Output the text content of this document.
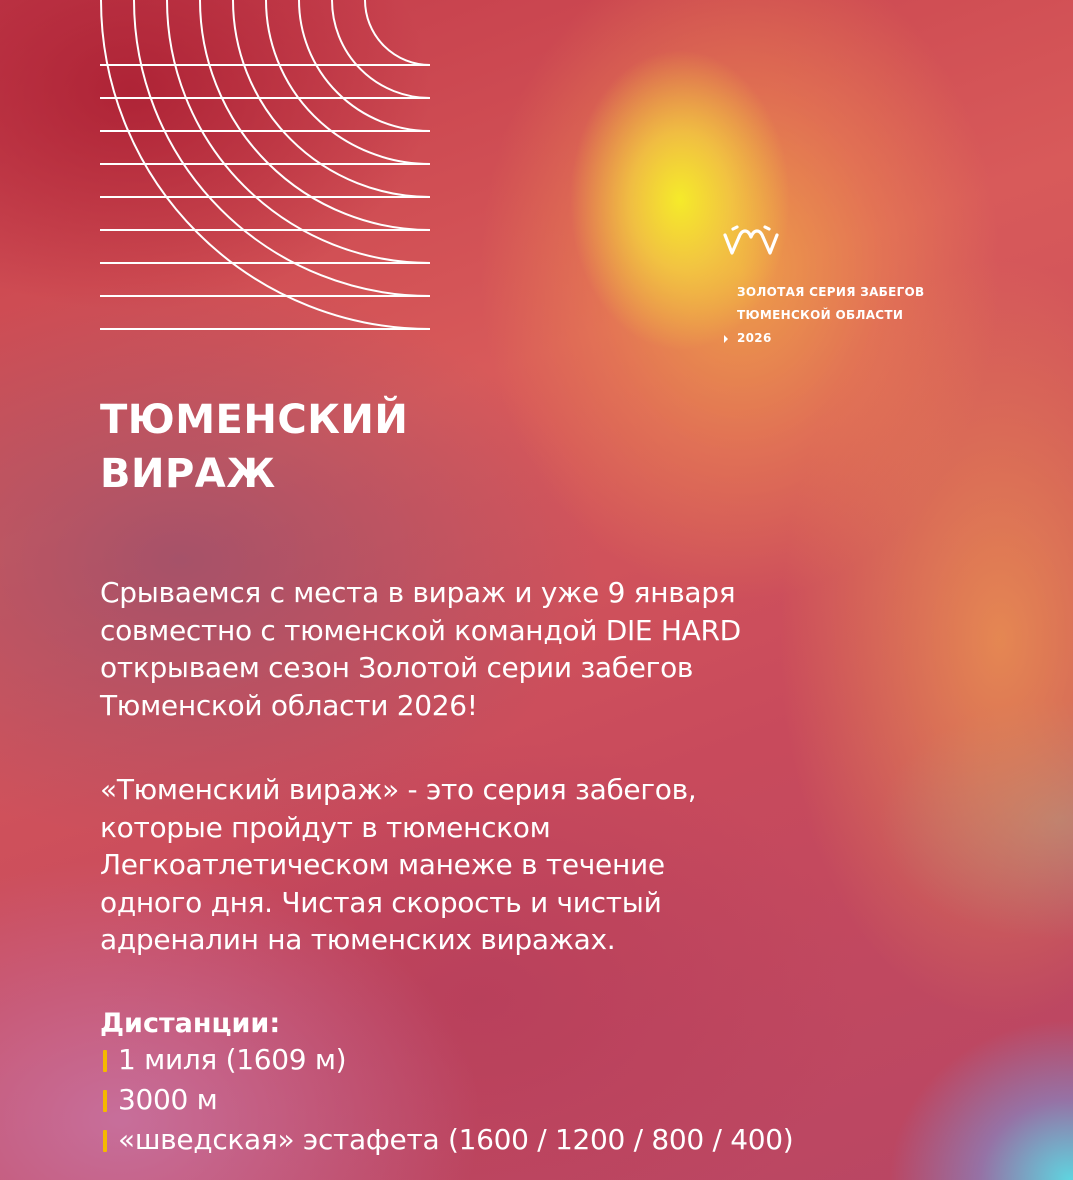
ЗОЛОТАЯ СЕРИЯ ЗАБЕГОВ
ТЮМЕНСКОЙ ОБЛАСТИ
2026
ТЮМЕНСКИЙ
ВИРАЖ

Срываемся с места в вираж и уже 9 января
совместно с тюменской командой DIE HARD
открываем сезон Золотой серии забегов
Тюменской области 2026!

«Тюменский вираж» - это серия забегов,
которые пройдут в тюменском
Легкоатлетическом манеже в течение
одного дня. Чистая скорость и чистый
адреналин на тюменских виражах.

Дистанции:
1 миля (1609 м)
3000 м
«шведская» эстафета (1600 / 1200 / 800 / 400)
